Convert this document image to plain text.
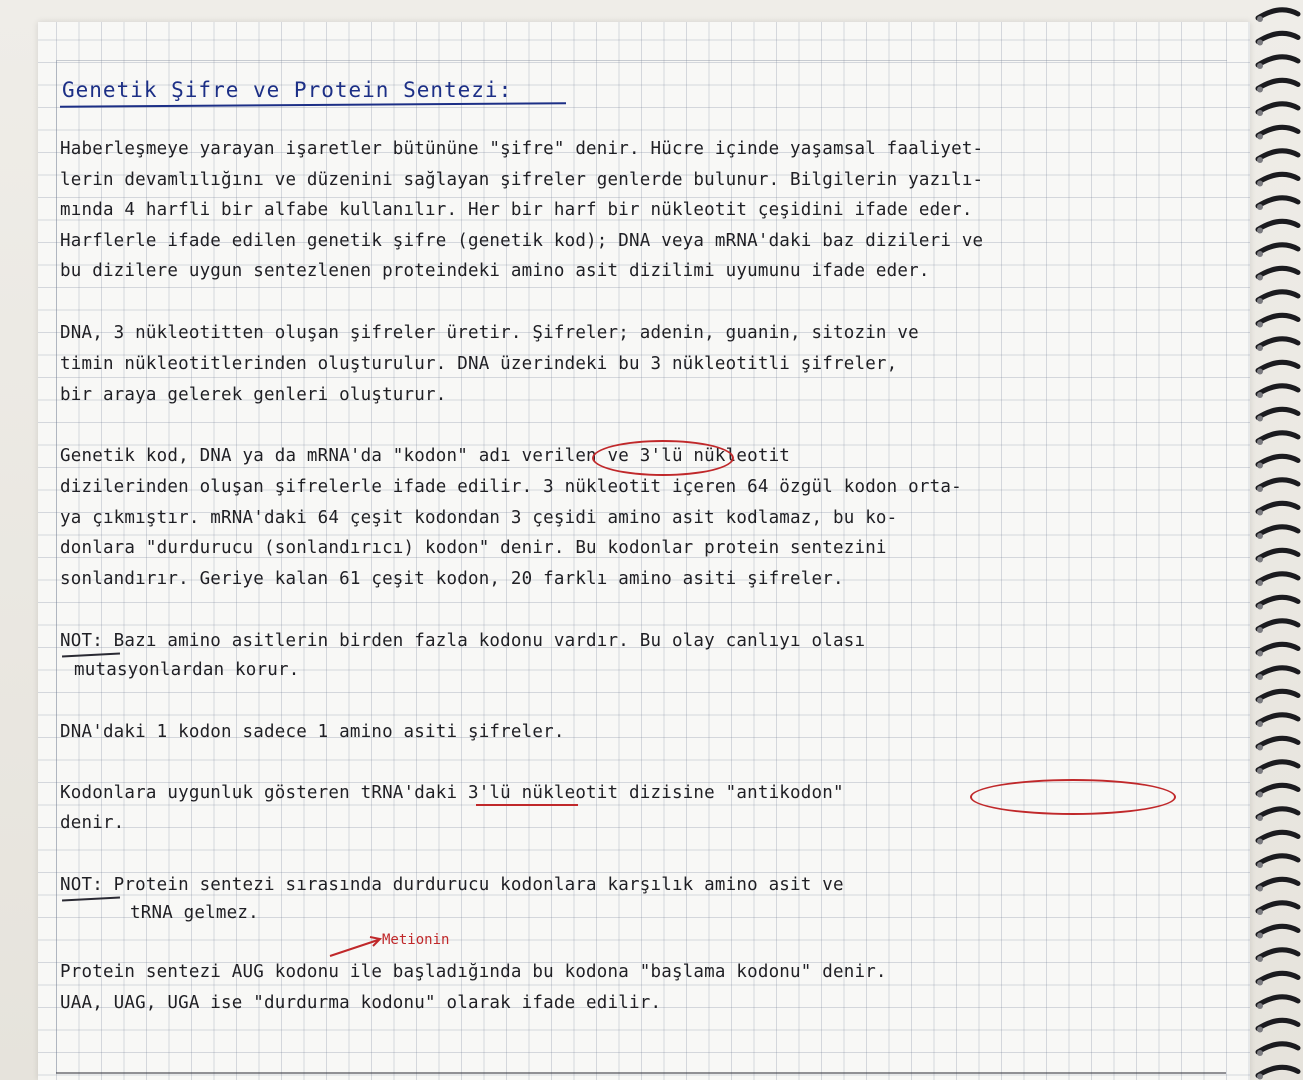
Genetik Şifre ve Protein Sentezi:
Haberleşmeye yarayan işaretler bütününe "şifre" denir. Hücre içinde yaşamsal faaliyet-
lerin devamlılığını ve düzenini sağlayan şifreler genlerde bulunur. Bilgilerin yazılı-
mında 4 harfli bir alfabe kullanılır. Her bir harf bir nükleotit çeşidini ifade eder.
Harflerle ifade edilen genetik şifre (genetik kod); DNA veya mRNA'daki baz dizileri ve
bu dizilere uygun sentezlenen proteindeki amino asit dizilimi uyumunu ifade eder.
DNA, 3 nükleotitten oluşan şifreler üretir. Şifreler; adenin, guanin, sitozin ve
timin nükleotitlerinden oluşturulur. DNA üzerindeki bu 3 nükleotitli şifreler,
bir araya gelerek genleri oluşturur.
Genetik kod, DNA ya da mRNA'da "kodon" adı verilen ve 3'lü nükleotit
dizilerinden oluşan şifrelerle ifade edilir. 3 nükleotit içeren 64 özgül kodon orta-
ya çıkmıştır. mRNA'daki 64 çeşit kodondan 3 çeşidi amino asit kodlamaz, bu ko-
donlara "durdurucu (sonlandırıcı) kodon" denir. Bu kodonlar protein sentezini
sonlandırır. Geriye kalan 61 çeşit kodon, 20 farklı amino asiti şifreler.
NOT: Bazı amino asitlerin birden fazla kodonu vardır. Bu olay canlıyı olası
mutasyonlardan korur.
DNA'daki 1 kodon sadece 1 amino asiti şifreler.
Kodonlara uygunluk gösteren tRNA'daki 3'lü nükleotit dizisine "antikodon"
denir.
NOT: Protein sentezi sırasında durdurucu kodonlara karşılık amino asit ve
tRNA gelmez.
Metionin
Protein sentezi AUG kodonu ile başladığında bu kodona "başlama kodonu" denir.
UAA, UAG, UGA ise "durdurma kodonu" olarak ifade edilir.
